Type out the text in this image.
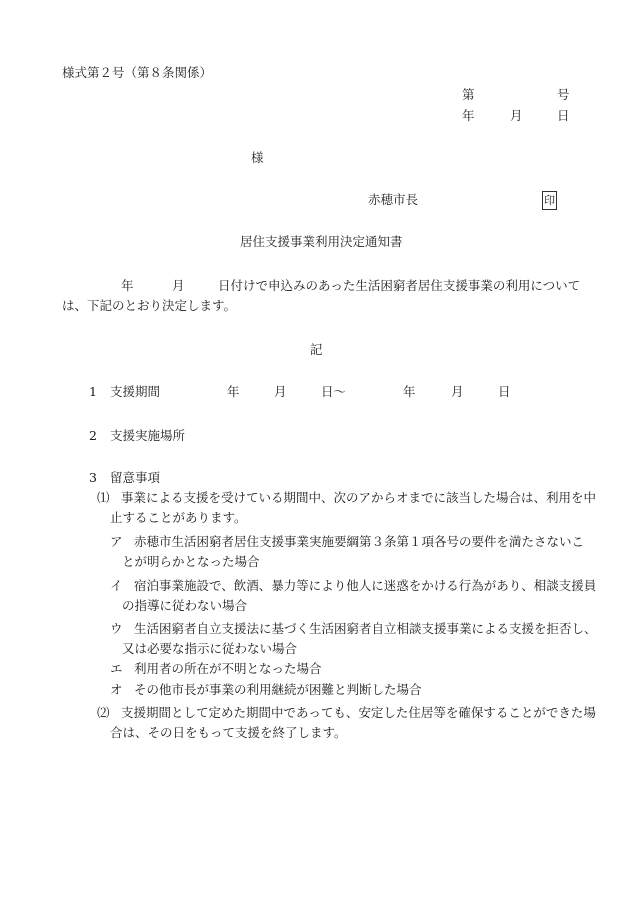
様式第２号（第８条関係）
第	号
年	月	日
様
赤穂市長	印
居住支援事業利用決定通知書
年	月	日付けで申込みのあった生活困窮者居住支援事業の利用について
は、下記のとおり決定します。
記
1 支援期間	年	月	日～	年	月	日
2 支援実施場所
3 留意事項
⑴ 事業による支援を受けている期間中、次のアからオまでに該当した場合は、利用を中
止することがあります。
ア 赤穂市生活困窮者居住支援事業実施要綱第３条第１項各号の要件を満たさないこ
とが明らかとなった場合
イ 宿泊事業施設で、飲酒、暴力等により他人に迷惑をかける行為があり、相談支援員
の指導に従わない場合
ウ 生活困窮者自立支援法に基づく生活困窮者自立相談支援事業による支援を拒否し、
又は必要な指示に従わない場合
エ 利用者の所在が不明となった場合
オ その他市長が事業の利用継続が困難と判断した場合
⑵ 支援期間として定めた期間中であっても、安定した住居等を確保することができた場
合は、その日をもって支援を終了します。
